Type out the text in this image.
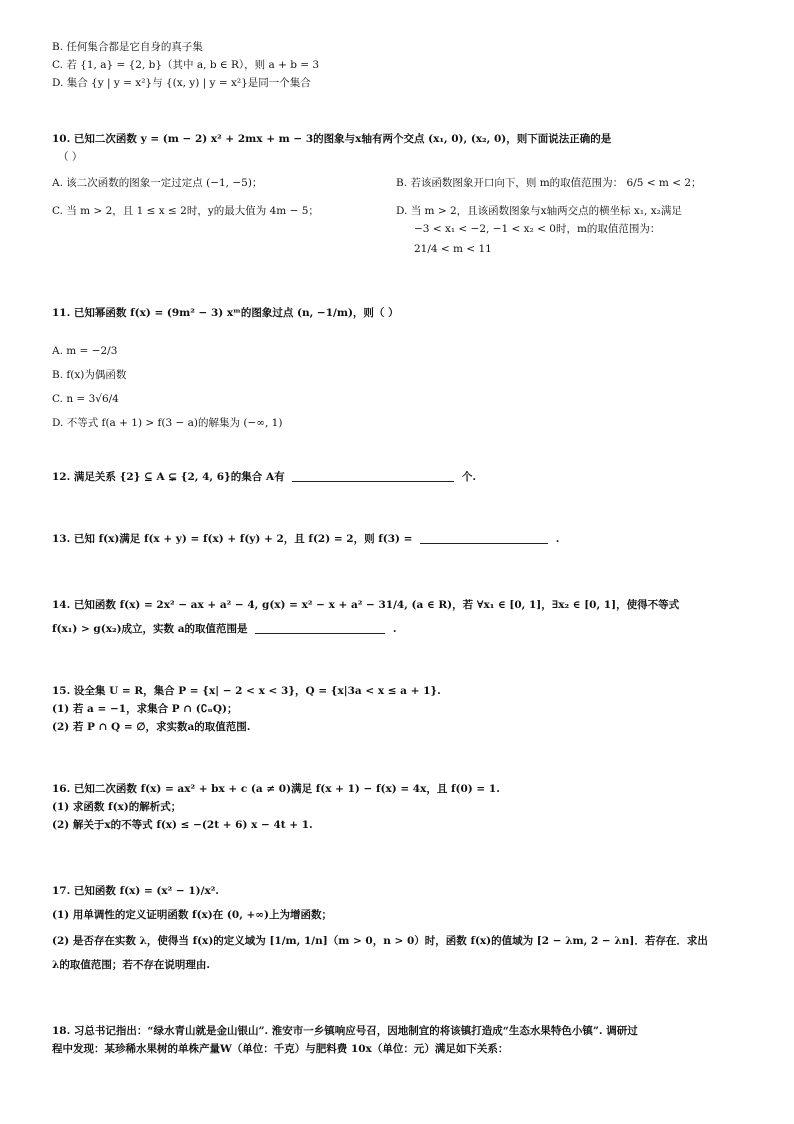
B. 任何集合都是它自身的真子集
C. 若 {1, a} = {2, b}（其中 a, b ∈ R），则 a + b = 3
D. 集合 {y | y = x²}与 {(x, y) | y = x²}是同一个集合
10. 已知二次函数 y = (m − 2) x² + 2mx + m − 3的图象与x轴有两个交点 (x₁, 0), (x₂, 0)，则下面说法正确的是
（ ）
A. 该二次函数的图象一定过定点 (−1, −5)；	B. 若该函数图象开口向下，则 m的取值范围为： 6/5 < m < 2；
C. 当 m > 2，且 1 ≤ x ≤ 2时，y的最大值为 4m − 5；	D. 当 m > 2，且该函数图象与x轴两交点的横坐标 x₁, x₂满足
−3 < x₁ < −2, −1 < x₂ < 0时，m的取值范围为：
21/4 < m < 11
11. 已知幂函数 f(x) = (9m² − 3) xᵐ的图象过点 (n, −1/m)，则（ ）
A. m = −2/3
B. f(x)为偶函数
C. n = 3√6/4
D. 不等式 f(a + 1) > f(3 − a)的解集为 (−∞, 1)
12. 满足关系 {2} ⊆ A ⊊ {2, 4, 6}的集合 A有	个.
13. 已知 f(x)满足 f(x + y) = f(x) + f(y) + 2，且 f(2) = 2，则 f(3) =	.
14. 已知函数 f(x) = 2x² − ax + a² − 4, g(x) = x² − x + a² − 31/4, (a ∈ R)，若 ∀x₁ ∈ [0, 1]，∃x₂ ∈ [0, 1]，使得不等式
f(x₁) > g(x₂)成立，实数 a的取值范围是	.
15. 设全集 U = R，集合 P = {x| − 2 < x < 3}，Q = {x|3a < x ≤ a + 1}.
(1) 若 a = −1，求集合 P ∩ (∁ᵤQ)；
(2) 若 P ∩ Q = ∅，求实数a的取值范围.
16. 已知二次函数 f(x) = ax² + bx + c (a ≠ 0)满足 f(x + 1) − f(x) = 4x，且 f(0) = 1.
(1) 求函数 f(x)的解析式；
(2) 解关于x的不等式 f(x) ≤ −(2t + 6) x − 4t + 1.
17. 已知函数 f(x) = (x² − 1)/x².
(1) 用单调性的定义证明函数 f(x)在 (0, +∞)上为增函数；
(2) 是否存在实数 λ，使得当 f(x)的定义域为 [1/m, 1/n]（m > 0，n > 0）时，函数 f(x)的值域为 [2 − λm, 2 − λn]．若存在．求出
λ的取值范围；若不存在说明理由.
18. 习总书记指出：“绿水青山就是金山银山”. 淮安市一乡镇响应号召，因地制宜的将该镇打造成“生态水果特色小镇”. 调研过
程中发现：某珍稀水果树的单株产量W（单位：千克）与肥料费 10x（单位：元）满足如下关系：
